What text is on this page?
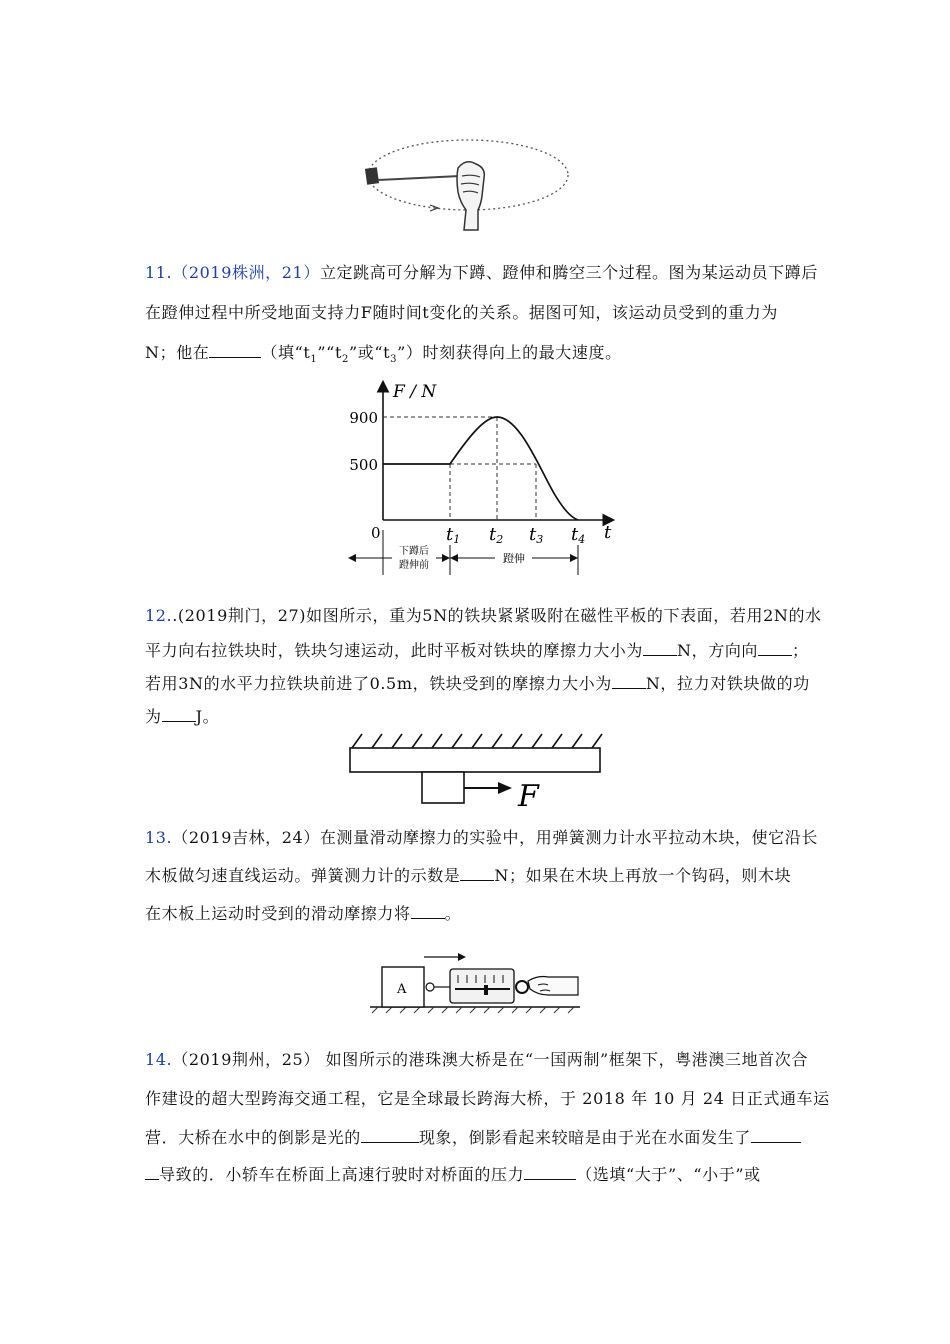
11.（2019株洲，21）立定跳高可分解为下蹲、蹬伸和腾空三个过程。图为某运动员下蹲后
在蹬伸过程中所受地面支持力F随时间t变化的关系。据图可知，该运动员受到的重力为
N；他在	（填“$t_1”“t_2$”或“$t_3$”）时刻获得向上的最大速度。
F / N
900
500
0	t
t1 t2 t3 t4
下蹲后
蹬伸前
蹬伸
12..(2019荆门，27)如图所示，重为5N的铁块紧紧吸附在磁性平板的下表面，若用2N的水
平力向右拉铁块时，铁块匀速运动，此时平板对铁块的摩擦力大小为 N，方向向 ；
若用3N的水平力拉铁块前进了0.5m，铁块受到的摩擦力大小为 N，拉力对铁块做的功
为 J。
F
13.（2019吉林，24）在测量滑动摩擦力的实验中，用弹簧测力计水平拉动木块，使它沿长
木板做匀速直线运动。弹簧测力计的示数是 N；如果在木块上再放一个钩码，则木块
在木板上运动时受到的滑动摩擦力将 。
A
14.（2019荆州，25） 如图所示的港珠澳大桥是在“一国两制”框架下，粤港澳三地首次合
作建设的超大型跨海交通工程，它是全球最长跨海大桥，于 2018 年 10 月 24 日正式通车运
营．大桥在水中的倒影是光的	现象，倒影看起来较暗是由于光在水面发生了
导致的．小轿车在桥面上高速行驶时对桥面的压力	（选填“大于”、“小于”或
